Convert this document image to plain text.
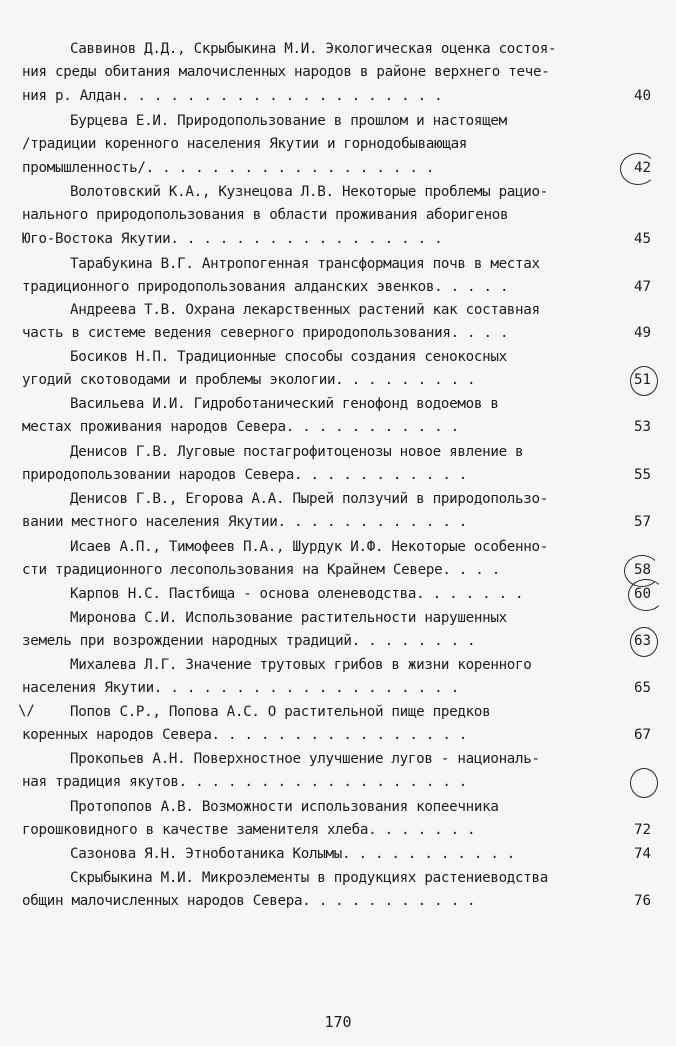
Саввинов Д.Д., Скрыбыкина М.И. Экологическая оценка состоя-
ния среды обитания малочисленных народов в районе верхнего тече-
ния р. Алдан. . . . . . . . . . . . . . . . . . . .	40
Бурцева Е.И. Природопользование в прошлом и настоящем
/традиции коренного населения Якутии и горнодобывающая
промышленность/. . . . . . . . . . . . . . . . . .	42
Волотовский К.А., Кузнецова Л.В. Некоторые проблемы рацио-
нального природопользования в области проживания аборигенов
Юго-Востока Якутии. . . . . . . . . . . . . . . . .	45
Тарабукина В.Г. Антропогенная трансформация почв в местах
традиционного природопользования алданских эвенков. . . . .	47
Андреева Т.В. Охрана лекарственных растений как составная
часть в системе ведения северного природопользования. . . .	49
Босиков Н.П. Традиционные способы создания сенокосных
угодий скотоводами и проблемы экологии. . . . . . . . .	51
Васильева И.И. Гидроботанический генофонд водоемов в
местах проживания народов Севера. . . . . . . . . . .	53
Денисов Г.В. Луговые постагрофитоценозы новое явление в
природопользовании народов Севера. . . . . . . . . . .	55
Денисов Г.В., Егорова А.А. Пырей ползучий в природопользо-
вании местного населения Якутии. . . . . . . . . . . .	57
Исаев А.П., Тимофеев П.А., Шурдук И.Ф. Некоторые особенно-
сти традиционного лесопользования на Крайнем Севере. . . .	58
Карпов Н.С. Пастбища - основа оленеводства. . . . . . .	60
Миронова С.И. Использование растительности нарушенных
земель при возрождении народных традиций. . . . . . . .	63
Михалева Л.Г. Значение трутовых грибов в жизни коренного
населения Якутии. . . . . . . . . . . . . . . . . . .	65
Попов С.Р., Попова А.С. О растительной пище предков
коренных народов Севера. . . . . . . . . . . . . . . .	67
Прокопьев А.Н. Поверхностное улучшение лугов - националь-
ная традиция якутов. . . . . . . . . . . . . . . . . .
Протопопов А.В. Возможности использования копеечника
горошковидного в качестве заменителя хлеба. . . . . . .	72
Сазонова Я.Н. Этноботаника Колымы. . . . . . . . . . .	74
Скрыбыкина М.И. Микроэлементы в продукциях растениеводства
общин малочисленных народов Севера. . . . . . . . . . .	76
\/
170
